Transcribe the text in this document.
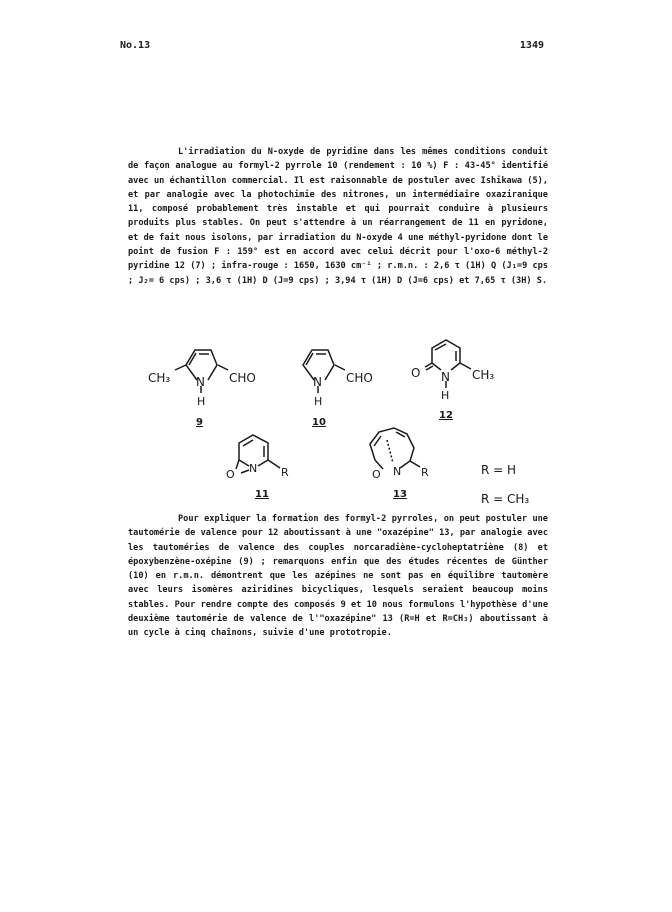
No.13	1349
L'irradiation du N-oxyde de pyridine dans les mêmes conditions conduit de façon analogue au formyl-2 pyrrole 10 (rendement : 10 %) F : 43-45° identifié avec un échantillon commercial. Il est raisonnable de postuler avec Ishikawa (5), et par analogie avec la photochimie des nitrones, un intermédiaire oxaziranique 11, composé probablement très instable et qui pourrait conduire à plusieurs produits plus stables. On peut s'attendre à un réarrangement de 11 en pyridone, et de fait nous isolons, par irradiation du N-oxyde 4 une méthyl-pyridone dont le point de fusion F : 159° est en accord avec celui décrit pour l'oxo-6 méthyl-2 pyridine 12 (7) ; infra-rouge : 1650, 1630 cm⁻¹ ; r.m.n. : 2,6 τ (1H) Q (J₁=9 cps ; J₂= 6 cps) ; 3,6 τ (1H) D (J=9 cps) ; 3,94 τ (1H) D (J=6 cps) et 7,65 τ (3H) S.
CH₃ N
H
CHO
9
N
H
CHO
10
O N
H
CH₃
12
N
O	R
11
N
O	R
13
R = H
R = CH₃
Pour expliquer la formation des formyl-2 pyrroles, on peut postuler une tautomérie de valence pour 12 aboutissant à une "oxazépine" 13, par analogie avec les tautoméries de valence des couples norcaradiène-cycloheptatriène (8) et époxybenzène-oxépine (9) ; remarquons enfin que des études récentes de Günther (10) en r.m.n. démontrent que les azépines ne sont pas en équilibre tautomère avec leurs isomères aziridines bicycliques, lesquels seraient beaucoup moins stables. Pour rendre compte des composés 9 et 10 nous formulons l'hypothèse d'une deuxième tautomérie de valence de l'"oxazépine" 13 (R=H et R=CH₃) aboutissant à un cycle à cinq chaînons, suivie d'une prototropie.
